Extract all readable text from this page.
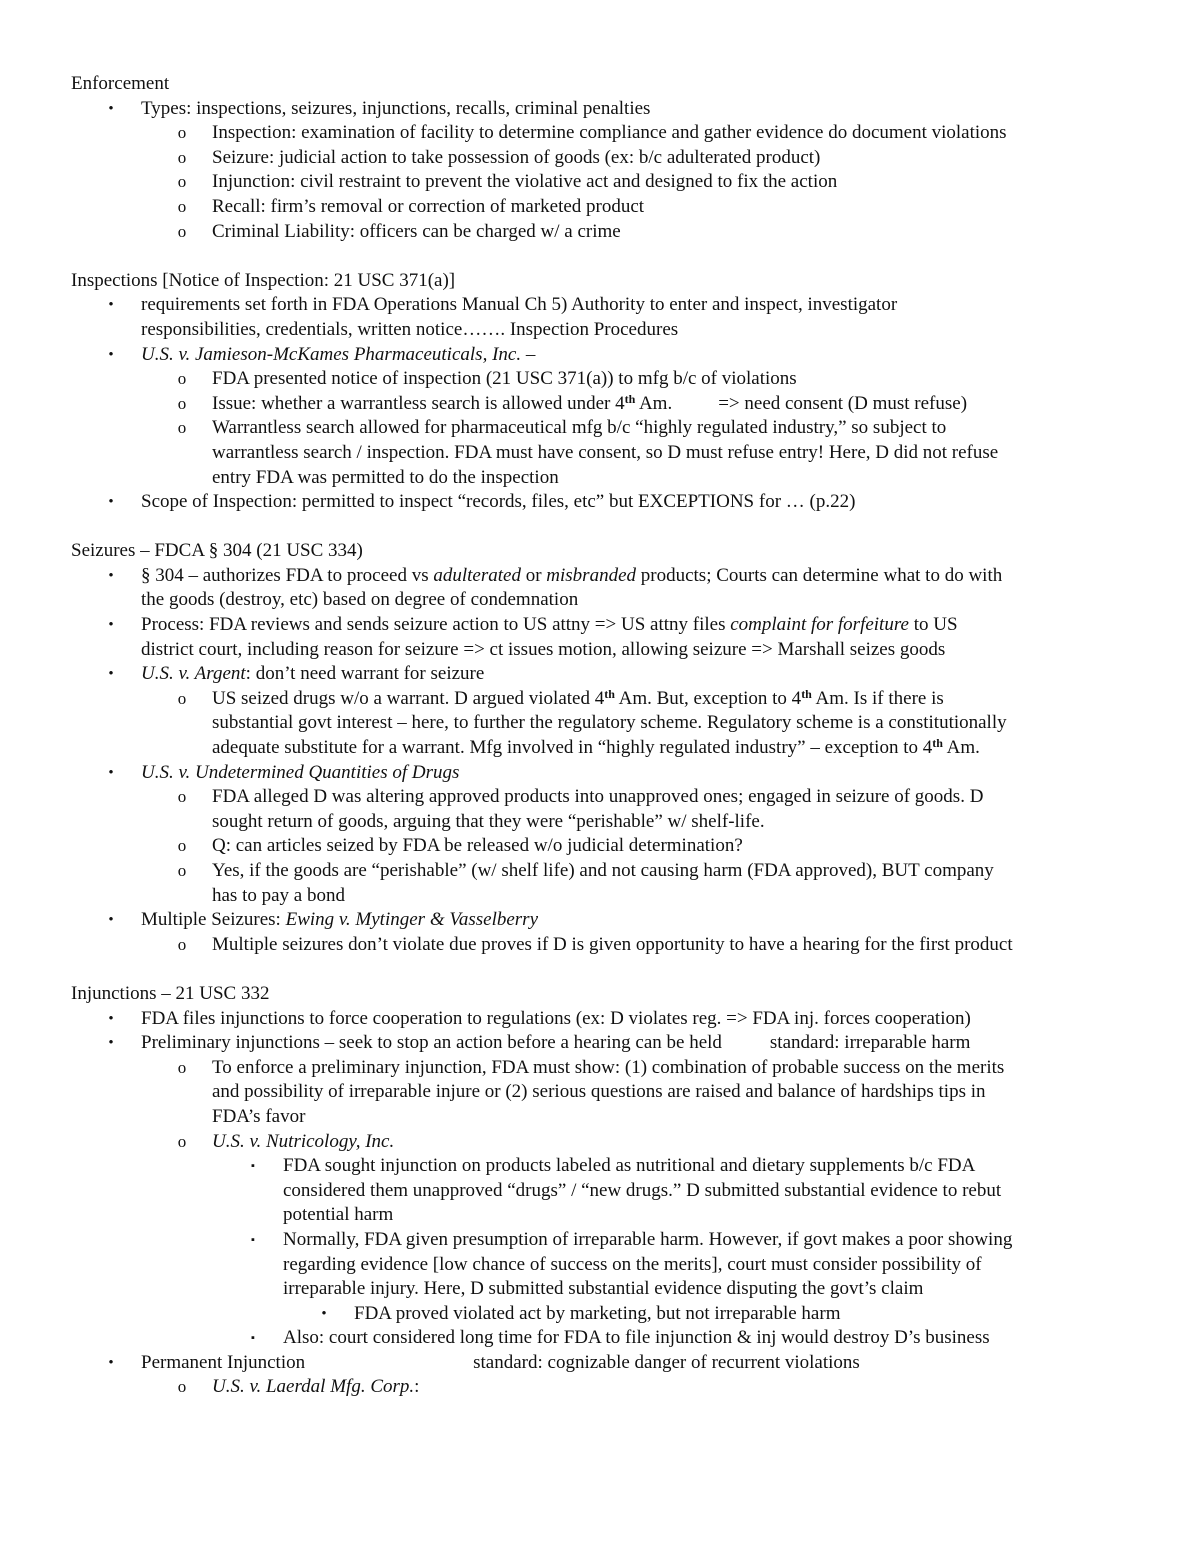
Enforcement
•	Types: inspections, seizures, injunctions, recalls, criminal penalties
o	Inspection: examination of facility to determine compliance and gather evidence do document violations
o	Seizure: judicial action to take possession of goods (ex: b/c adulterated product)
o	Injunction: civil restraint to prevent the violative act and designed to fix the action
o	Recall: firm’s removal or correction of marketed product
o	Criminal Liability: officers can be charged w/ a crime
Inspections [Notice of Inspection: 21 USC 371(a)]
•	requirements set forth in FDA Operations Manual Ch 5) Authority to enter and inspect, investigator
responsibilities, credentials, written notice……. Inspection Procedures
•	U.S. v. Jamieson-McKames Pharmaceuticals, Inc. –
o	FDA presented notice of inspection (21 USC 371(a)) to mfg b/c of violations
o	Issue: whether a warrantless search is allowed under 4th Am. => need consent (D must refuse)
o	Warrantless search allowed for pharmaceutical mfg b/c “highly regulated industry,” so subject to
warrantless search / inspection. FDA must have consent, so D must refuse entry! Here, D did not refuse
entry FDA was permitted to do the inspection
•	Scope of Inspection: permitted to inspect “records, files, etc” but EXCEPTIONS for … (p.22)
Seizures – FDCA § 304 (21 USC 334)
•	§ 304 – authorizes FDA to proceed vs adulterated or misbranded products; Courts can determine what to do with
the goods (destroy, etc) based on degree of condemnation
•	Process: FDA reviews and sends seizure action to US attny => US attny files complaint for forfeiture to US
district court, including reason for seizure => ct issues motion, allowing seizure => Marshall seizes goods
•	U.S. v. Argent: don’t need warrant for seizure
o	US seized drugs w/o a warrant. D argued violated 4th Am. But, exception to 4th Am. Is if there is
substantial govt interest – here, to further the regulatory scheme. Regulatory scheme is a constitutionally
adequate substitute for a warrant. Mfg involved in “highly regulated industry” – exception to 4th Am.
•	U.S. v. Undetermined Quantities of Drugs
o	FDA alleged D was altering approved products into unapproved ones; engaged in seizure of goods. D
sought return of goods, arguing that they were “perishable” w/ shelf-life.
o	Q: can articles seized by FDA be released w/o judicial determination?
o	Yes, if the goods are “perishable” (w/ shelf life) and not causing harm (FDA approved), BUT company
has to pay a bond
•	Multiple Seizures: Ewing v. Mytinger & Vasselberry
o	Multiple seizures don’t violate due proves if D is given opportunity to have a hearing for the first product
Injunctions – 21 USC 332
•	FDA files injunctions to force cooperation to regulations (ex: D violates reg. => FDA inj. forces cooperation)
•	Preliminary injunctions – seek to stop an action before a hearing can be held	standard: irreparable harm
o	To enforce a preliminary injunction, FDA must show: (1) combination of probable success on the merits
and possibility of irreparable injure or (2) serious questions are raised and balance of hardships tips in
FDA’s favor
o	U.S. v. Nutricology, Inc.
▪	FDA sought injunction on products labeled as nutritional and dietary supplements b/c FDA
considered them unapproved “drugs” / “new drugs.” D submitted substantial evidence to rebut
potential harm
▪	Normally, FDA given presumption of irreparable harm. However, if govt makes a poor showing
regarding evidence [low chance of success on the merits], court must consider possibility of
irreparable injury. Here, D submitted substantial evidence disputing the govt’s claim
•	FDA proved violated act by marketing, but not irreparable harm
▪	Also: court considered long time for FDA to file injunction & inj would destroy D’s business
•	Permanent Injunction	standard: cognizable danger of recurrent violations
o	U.S. v. Laerdal Mfg. Corp.:
